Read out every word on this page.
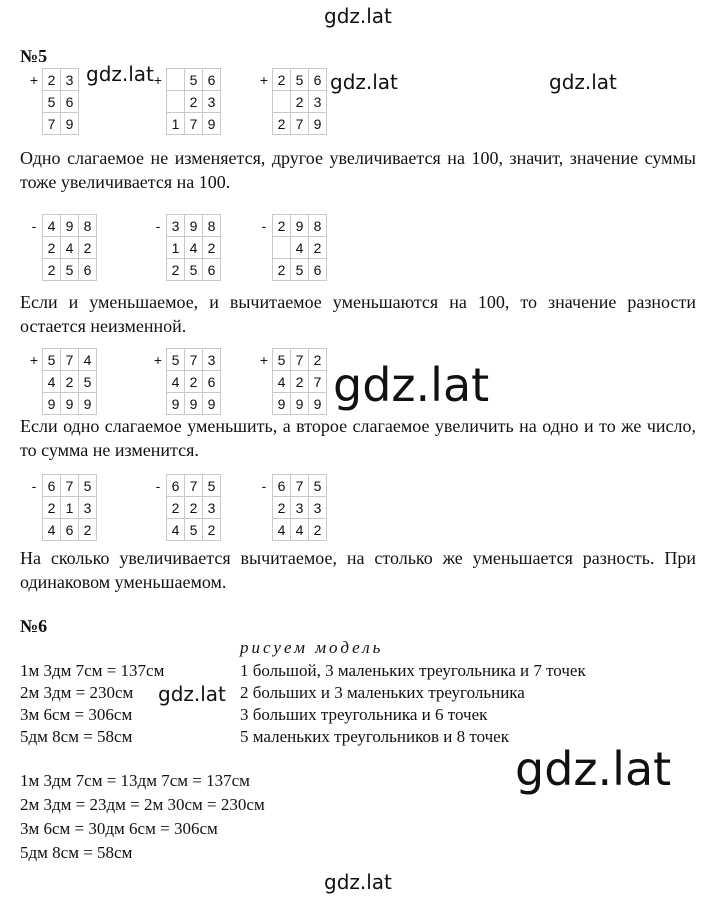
gdz.lat
gdz.lat	gdz.lat	gdz.lat
gdz.lat
gdz.lat
gdz.lat
gdz.lat
№5
+	2	3
	5	6
	7	9
+		5	6
		2	3
	1	7	9
+	2	5	6
		2	3
	2	7	9
-	4	9	8
	2	4	2
	2	5	6
-	3	9	8
	1	4	2
	2	5	6
-	2	9	8
		4	2
	2	5	6
+	5	7	4
	4	2	5
	9	9	9
+	5	7	3
	4	2	6
	9	9	9
+	5	7	2
	4	2	7
	9	9	9
-	6	7	5
	2	1	3
	4	6	2
-	6	7	5
	2	2	3
	4	5	2
-	6	7	5
	2	3	3
	4	4	2
Одно слагаемое не изменяется, другое увеличивается на 100, значит, значение суммы тоже увеличивается на 100.
Если и уменьшаемое, и вычитаемое уменьшаются на 100, то значение разности остается неизменной.
Если одно слагаемое уменьшить, а второе слагаемое увеличить на одно и то же число, то сумма не изменится.
На сколько увеличивается вычитаемое, на столько же уменьшается разность. При одинаковом уменьшаемом.
№6
рисуем модель
1м 3дм 7см = 137см	1 большой, 3 маленьких треугольника и 7 точек
2м 3дм = 230см	2 больших и 3 маленьких треугольника
3м 6см = 306см	3 больших треугольника и 6 точек
5дм 8см = 58см	5 маленьких треугольников и 8 точек
1м 3дм 7см = 13дм 7см = 137см
2м 3дм = 23дм = 2м 30см = 230см
3м 6см = 30дм 6см = 306см
5дм 8см = 58см
